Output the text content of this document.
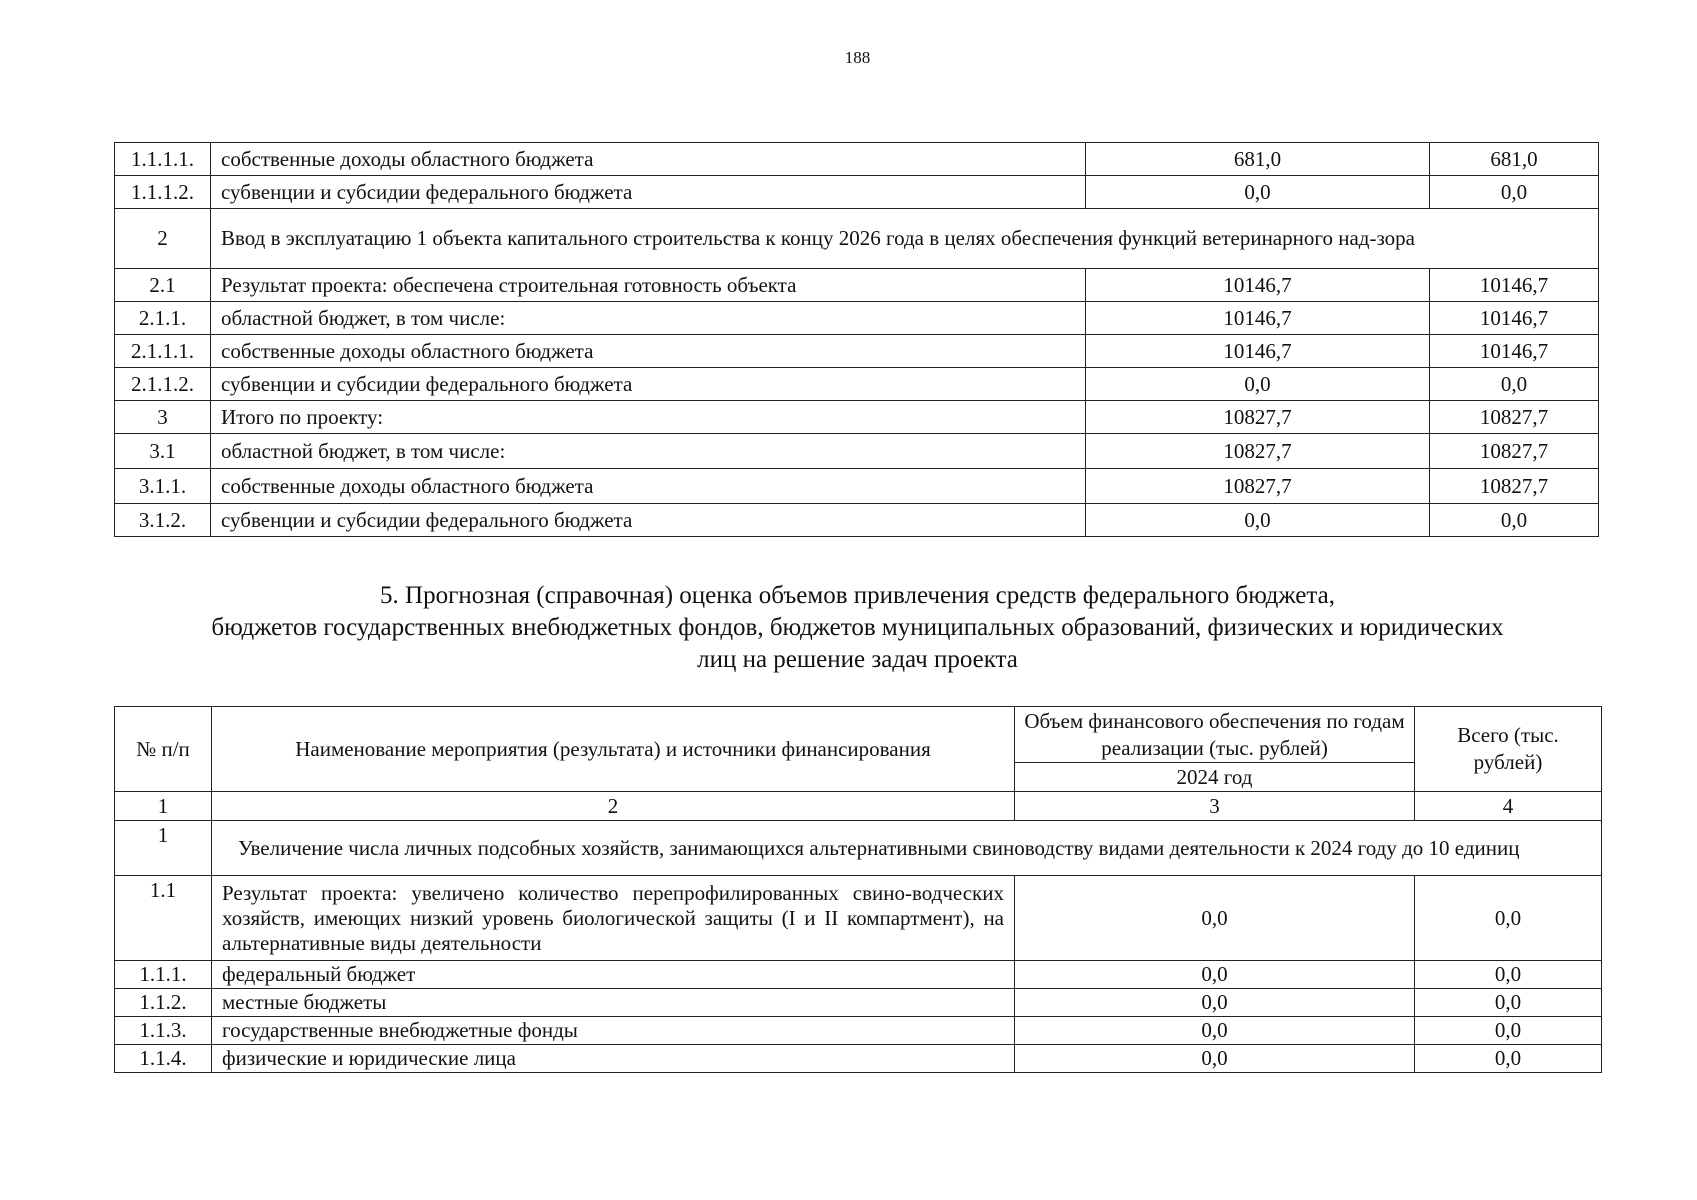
188
1.1.1.1.	собственные доходы областного бюджета	681,0	681,0
1.1.1.2.	субвенции и субсидии федерального бюджета	0,0	0,0
2	Ввод в эксплуатацию 1 объекта капитального строительства к концу 2026 года в целях обеспечения функций ветеринарного над-зора		
2.1	Результат проекта: обеспечена строительная готовность объекта	10146,7	10146,7
2.1.1.	областной бюджет, в том числе:	10146,7	10146,7
2.1.1.1.	собственные доходы областного бюджета	10146,7	10146,7
2.1.1.2.	субвенции и субсидии федерального бюджета	0,0	0,0
3	Итого по проекту:	10827,7	10827,7
3.1	областной бюджет, в том числе:	10827,7	10827,7
3.1.1.	собственные доходы областного бюджета	10827,7	10827,7
3.1.2.	субвенции и субсидии федерального бюджета	0,0	0,0
5. Прогнозная (справочная) оценка объемов привлечения средств федерального бюджета,
бюджетов государственных внебюджетных фондов, бюджетов муниципальных образований, физических и юридических
лиц на решение задач проекта
№ п/п	Наименование мероприятия (результата) и источники финансирования	Объем финансового обеспечения по годам реализации (тыс. рублей)	Всего (тыс. рублей)
		2024 год	
1	2	3	4
1	Увеличение числа личных подсобных хозяйств, занимающихся альтернативными свиноводству видами деятельности к 2024 году до 10 единиц		
1.1	Результат проекта: увеличено количество перепрофилированных свино-водческих хозяйств, имеющих низкий уровень биологической защиты (I и II компартмент), на альтернативные виды деятельности	0,0	0,0
1.1.1.	федеральный бюджет	0,0	0,0
1.1.2.	местные бюджеты	0,0	0,0
1.1.3.	государственные внебюджетные фонды	0,0	0,0
1.1.4.	физические и юридические лица	0,0	0,0
